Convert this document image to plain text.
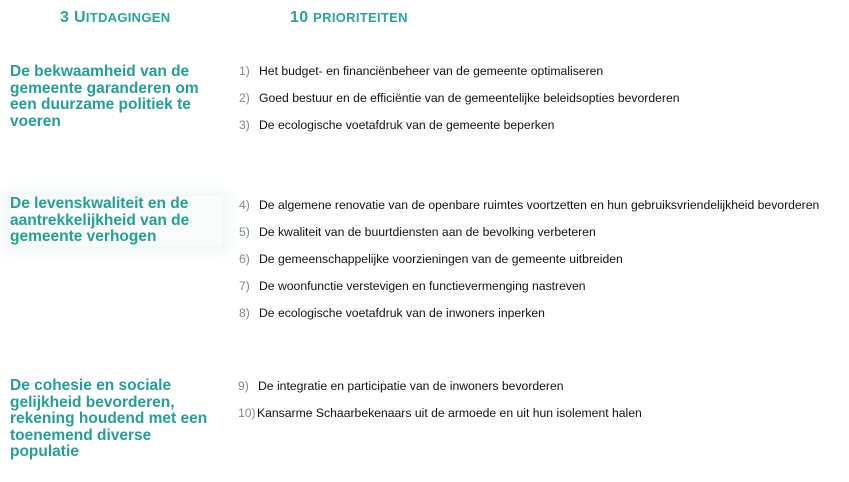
3 UITDAGINGEN	10 PRIORITEITEN
De bekwaamheid van de gemeente garanderen om een duurzame politiek te voeren
De levenskwaliteit en de aantrekkelijkheid van de gemeente verhogen
De cohesie en sociale gelijkheid bevorderen, rekening houdend met een toenemend diverse populatie
1) Het budget- en financiënbeheer van de gemeente optimaliseren
2) Goed bestuur en de efficiëntie van de gemeentelijke beleidsopties bevorderen
3) De ecologische voetafdruk van de gemeente beperken
4) De algemene renovatie van de openbare ruimtes voortzetten en hun gebruiksvriendelijkheid bevorderen
5) De kwaliteit van de buurtdiensten aan de bevolking verbeteren
6) De gemeenschappelijke voorzieningen van de gemeente uitbreiden
7) De woonfunctie verstevigen en functievermenging nastreven
8) De ecologische voetafdruk van de inwoners inperken
9) De integratie en participatie van de inwoners bevorderen
10)Kansarme Schaarbekenaars uit de armoede en uit hun isolement halen
